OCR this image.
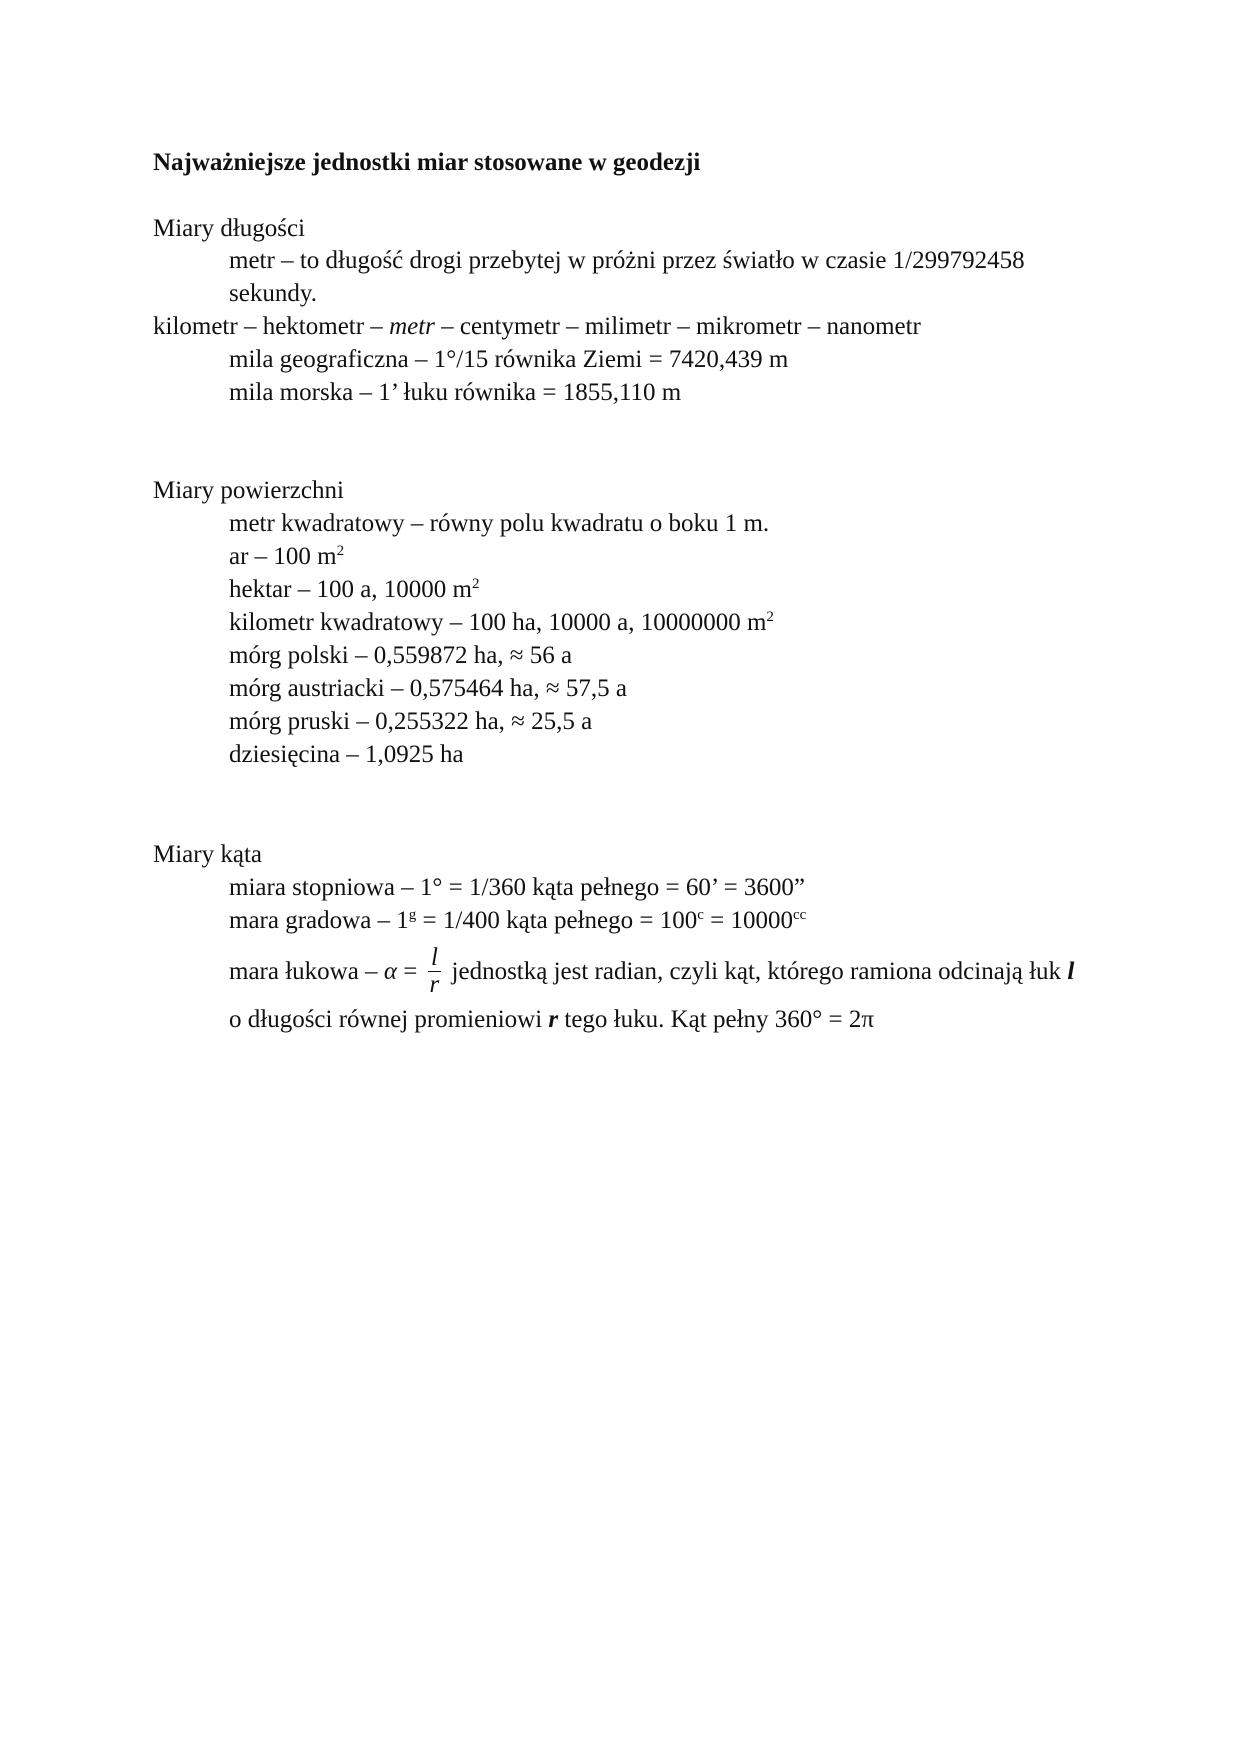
Najważniejsze jednostki miar stosowane w geodezji
Miary długości
metr – to długość drogi przebytej w próżni przez światło w czasie 1/299792458
sekundy.
kilometr – hektometr – metr – centymetr – milimetr – mikrometr – nanometr
mila geograficzna – 1°/15 równika Ziemi = 7420,439 m
mila morska – 1’ łuku równika = 1855,110 m
Miary powierzchni
metr kwadratowy – równy polu kwadratu o boku 1 m.
ar – 100 $m^2$
hektar – 100 a, 10000 $m^2$
kilometr kwadratowy – 100 ha, 10000 a, 10000000 $m^2$
mórg polski – 0,559872 ha, ≈ 56 a
mórg austriacki – 0,575464 ha, ≈ 57,5 a
mórg pruski – 0,255322 ha, ≈ 25,5 a
dziesięcina – 1,0925 ha
Miary kąta
miara stopniowa – 1° = 1/360 kąta pełnego = 60’ = 3600”
mara gradowa – $1^g = 1/400$ kąta pełnego = $100^c = 10000^{cc}$
mara łukowa – $\alpha = \frac{l}{r}$ jednostką jest radian, czyli kąt, którego ramiona odcinają łuk l
o długości równej promieniowi r tego łuku. Kąt pełny 360° = 2π
